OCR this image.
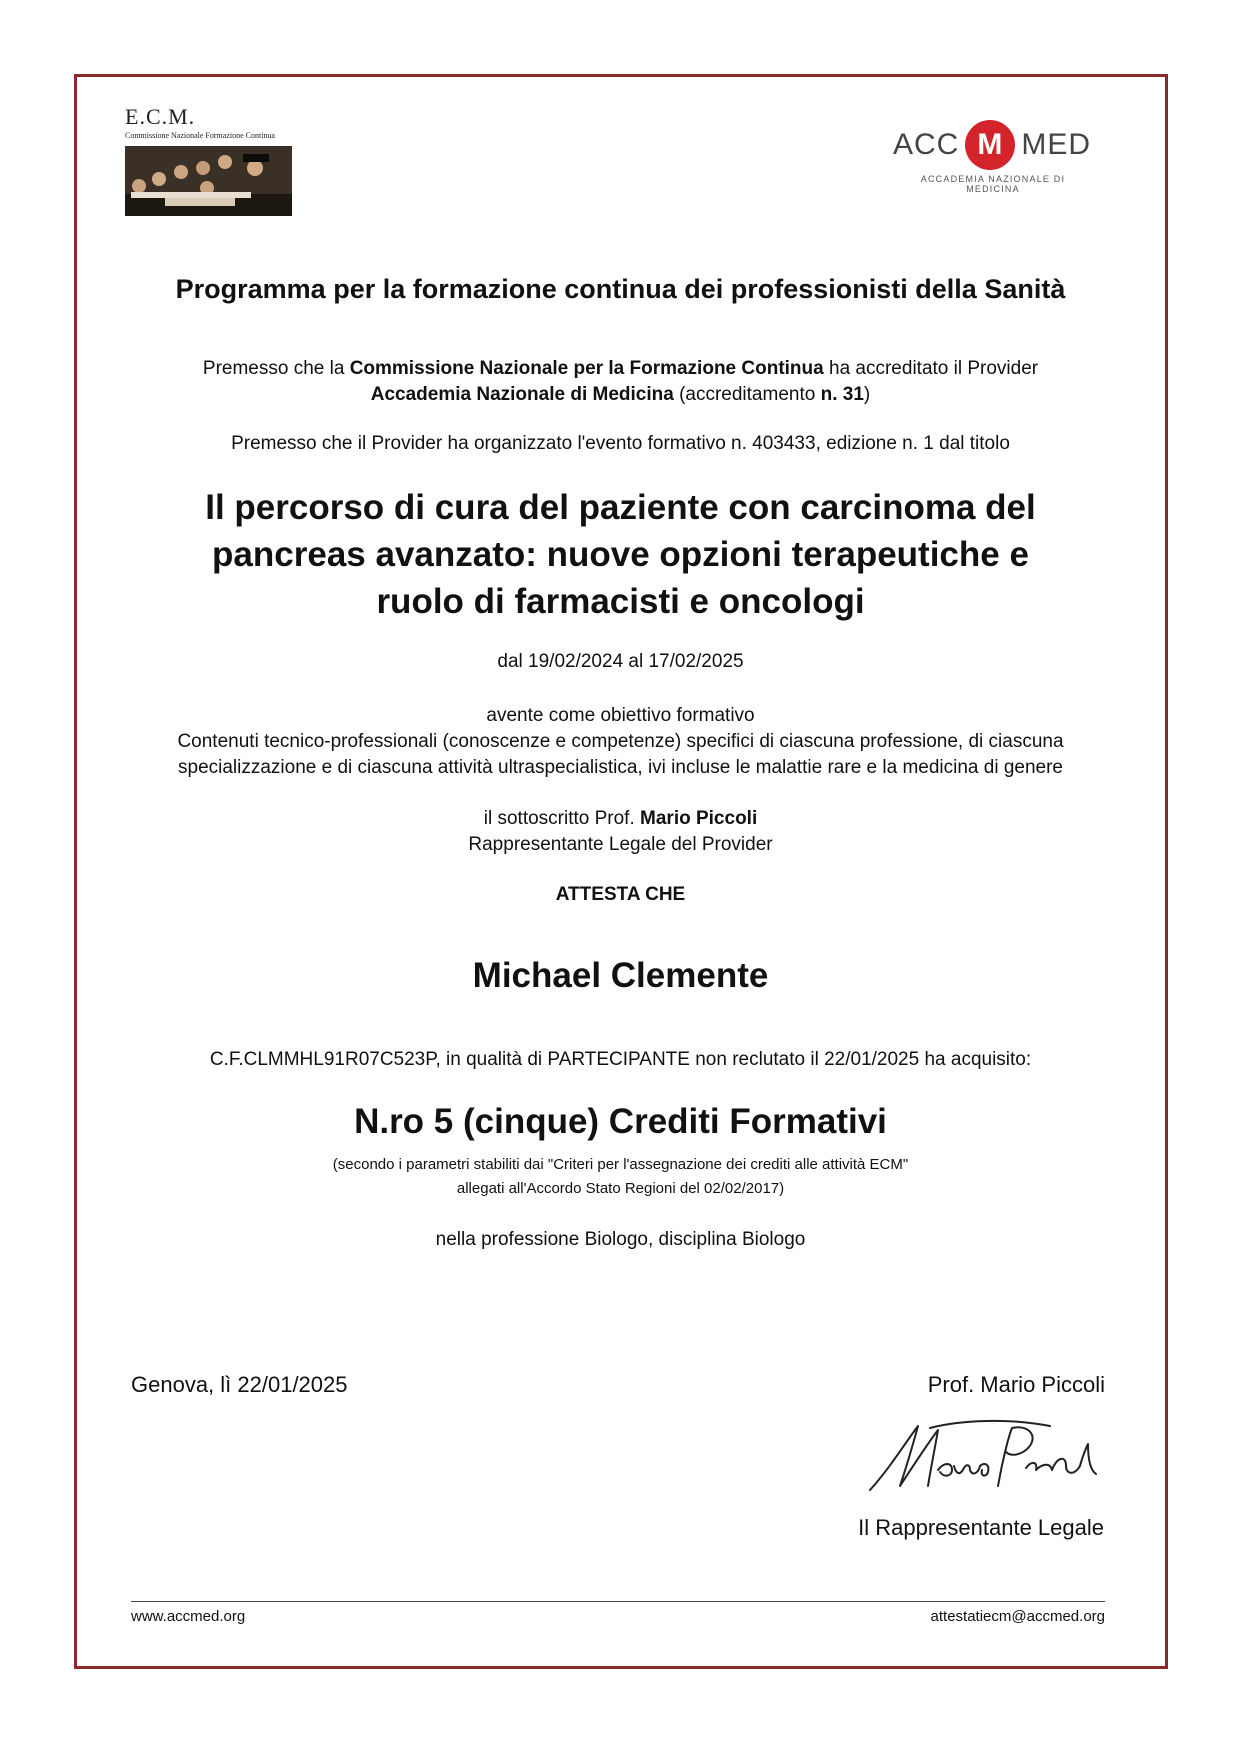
E.C.M.
Commissione Nazionale Formazione Continua	ACC M MED
ACCADEMIA NAZIONALE DI MEDICINA
Programma per la formazione continua dei professionisti della Sanità
Premesso che la Commissione Nazionale per la Formazione Continua ha accreditato il Provider
Accademia Nazionale di Medicina (accreditamento n. 31)
Premesso che il Provider ha organizzato l'evento formativo n. 403433, edizione n. 1 dal titolo
Il percorso di cura del paziente con carcinoma del
pancreas avanzato: nuove opzioni terapeutiche e
ruolo di farmacisti e oncologi
dal 19/02/2024 al 17/02/2025
avente come obiettivo formativo
Contenuti tecnico-professionali (conoscenze e competenze) specifici di ciascuna professione, di ciascuna
specializzazione e di ciascuna attività ultraspecialistica, ivi incluse le malattie rare e la medicina di genere
il sottoscritto Prof. Mario Piccoli
Rappresentante Legale del Provider
ATTESTA CHE
Michael Clemente
C.F.CLMMHL91R07C523P, in qualità di PARTECIPANTE non reclutato il 22/01/2025 ha acquisito:
N.ro 5 (cinque) Crediti Formativi
(secondo i parametri stabiliti dai "Criteri per l'assegnazione dei crediti alle attività ECM"
allegati all'Accordo Stato Regioni del 02/02/2017)
nella professione Biologo, disciplina Biologo
Genova, lì 22/01/2025	Prof. Mario Piccoli
Il Rappresentante Legale
www.accmed.org	attestatiecm@accmed.org
